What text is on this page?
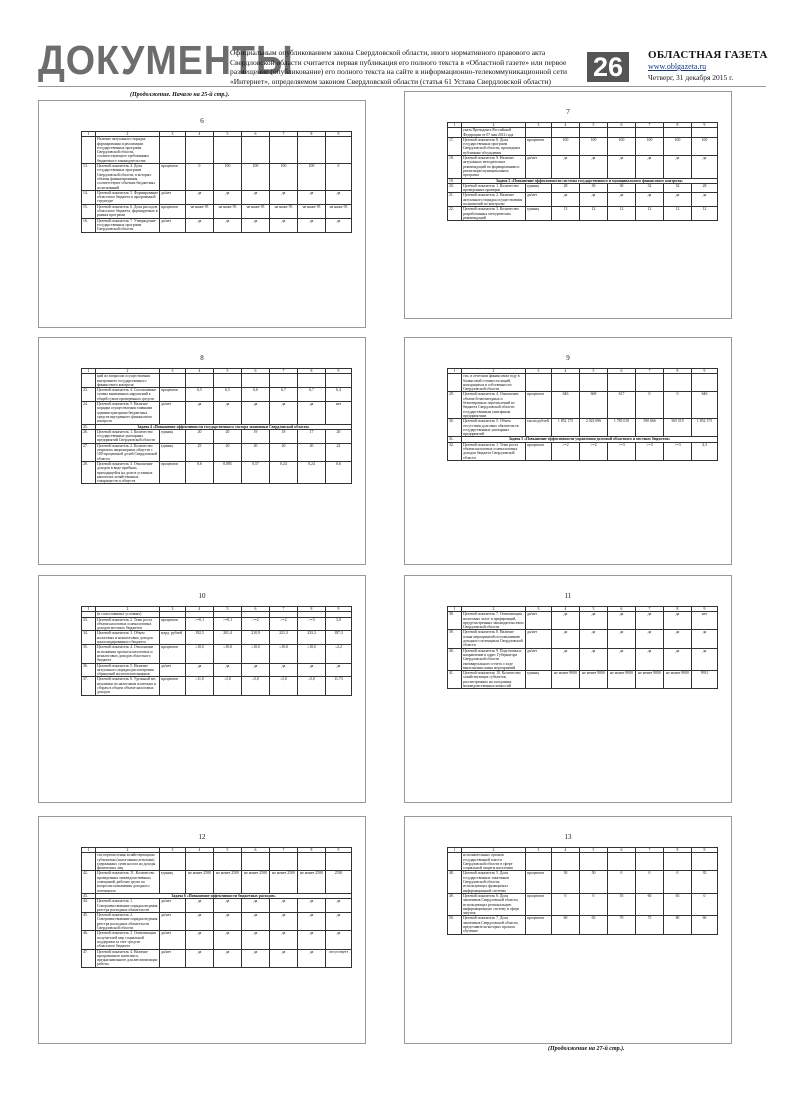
ДОКУМЕНТЫ
Официальным опубликованием закона Свердловской области, иного нормативного правового акта Свердловской области считается первая публикация его полного текста в «Областной газете» или первое размещение (опубликование) его полного текста на сайте в информационно-телекоммуникационной сети «Интернет», определяемом законом Свердловской области (статья 61 Устава Свердловской области)	26	ОБЛАСТНАЯ ГАЗЕТА
www.oblgazeta.ru
Четверг, 31 декабря 2015 г.
(Продолжение. Начало на 25-й стр.).
6
1	2	3	4	5	6	7	8	9
	Наличие актуального порядка формирования и реализации государственных программ Свердловской области, соответствующего требованиям бюджетного законодательства							
13.	Целевой показатель 4. Доля государственных программ Свердловской области, в которых объемы финансирования соответствуют объемам бюджетных ассигнований	процентов	0	100	100	100	100	0
14.	Целевой показатель 5. Формирование областного бюджета в программной структуре	да/нет	да	да	да	да	да	да
15.	Целевой показатель 6. Доля расходов областного бюджета, формируемых в рамках программ	процентов	не ниже 95	не ниже 95	не ниже 95	не ниже 95	не ниже 95	не ниже 95
16.	Целевой показатель 7. Утверждение государственных программ Свердловской области	да/нет	да	да	да	да	да	да
7
1	2	3	4	5	6	7	8	9
	указа Президента Российской Федерации от 07 мая 2012 года							
17.	Целевой показатель 8. Доля государственных программ Свердловской области, прошедших публичные обсуждения	процентов	100	100	100	100	100	100
18.	Целевой показатель 9. Наличие актуальных методических рекомендаций по формированию и реализации муниципальных программ	да/нет	да	да	да	да	да	да
19.	Задача 2 «Повышение эффективности системы государственного и муниципального финансового контроля»							
20.	Целевой показатель 1. Количество проведенных проверок	единиц	28	30	30	32	32	28
21.	Целевой показатель 2. Наличие актуального порядка осуществления полномочий по контролю	да/нет	да	да	да	да	да	да
22.	Целевой показатель 3. Количество разработанных методических рекомендаций	единиц	13	12	12	12	12	12
8
1	2	3	4	5	6	7	8	9
	ций по вопросам осуществления внутреннего государственного финансового контроля							
23.	Целевой показатель 4. Соотношение суммы выявленных нарушений к общей сумме проверенных средств	процентов	6,5	6,5	6,6	6,7	6,7	6,4
24.	Целевой показатель 5. Наличие порядка осуществления главными администраторами бюджетных средств внутреннего финансового контроля	да/нет	да	да	да	да	да	нет
25.	Задача 4 «Повышение эффективности государственного сектора экономики Свердловской области»							
26.	Целевой показатель 1. Количество государственных унитарных предприятий Свердловской области	единиц	20	20	19	18	17	20
27.	Целевой показатель 2. Количество открытых акционерных обществ с 100-процентной долей Свердловской области	единиц	25	20	20	20	20	22
28.	Целевой показатель 3. Отношение доходов в виде прибыли, приходящейся на доли в уставных капиталах хозяйственных товариществ и обществ	процентов	0,6	0,085	0,57	0,24	0,24	0,6
9
1	2	3	4	5	6	7	8	9
	сти, в отчетном финансовом году в балансовой стоимости акций, находящихся в собственности Свердловской области							
29.	Целевой показатель 4. Отношение объема безвозмездных и безвозвратных перечислений из бюджета Свердловской области государственным унитарным предприятиям	процентов	646	668	617	0	0	646
30.	Целевой показатель 5. Объем отсутствия долговых обязательств государственных унитарных предприятий	тысяч рублей	1 852 175	2 022 696	1 785 010	590 666	565 519	1 852 175
31.	Задача 5 «Повышение эффективности управления долговой областного и местных бюджетов»							
32.	Целевой показатель 1. Темп роста объема налоговых и неналоговых доходов бюджета Свердловской области	процентов	>=2	>=2	>=3	>=3	>=3	4,3
10
1	2	3	4	5	6	7	8	9
	(в сопоставимых условиях)							
33.	Целевой показатель 2. Темп роста объема налоговых и неналоговых доходов местных бюджетов	процентов	>=0,1	>=0,1	>=2	>=2	>=3	3,8
34.	Целевой показатель 3. Объем налоговых и неналоговых доходов консолидированного бюджета	млрд. рублей	192,5	201,4	210,9	221,3	233,3	187,3
35.	Целевой показатель 4. Отклонение исполнения прогноза налоговых и неналоговых доходов областного бюджета	процентов	≤10,0	≤10,0	≤10,0	≤10,0	≤10,0	≤2,2
36.	Целевой показатель 5. Наличие актуального порядка рассмотрения обращений налогоплательщиков	да/нет	да	да	да	да	да	да
37.	Целевой показатель 6. Удельный вес недоимки по налоговым платежам и сборам в общем объеме налоговых доходов	процентов	≤11,0	≤5,0	≤5,0	≤5,0	≤5,0	11,73
11
1	2	3	4	5	6	7	8	9
38.	Целевой показатель 7. Оптимизация налоговых льгот и преференций, предусмотренных законодательством Свердловской области	да/нет	да	да	да	да	да	нет
39.	Целевой показатель 8. Наличие плана мероприятий по повышению доходного потенциала Свердловской области	да/нет	да	да	да	да	да	да
40.	Целевой показатель 9. Подготовка и направление в адрес Губернатора Свердловской области ежеквартального отчета о ходе выполнения плана мероприятий	да/нет	да	да	да	да	да	да
41.	Целевой показатель 10. Количество хозяйствующих субъектов, рассмотренных на заседаниях межведомственных комиссий	единиц	не менее 9000	не менее 9000	не менее 9000	не менее 9000	не менее 9000	9931
12
1	2	3	4	5	6	7	8	9
	сти перечисления хозяйствующими субъектами (налоговыми агентами) удержанных сумм налога на доходы физических лиц							
42.	Целевой показатель 11. Количество проведенных межведомственных совещаний, рабочих групп по вопросам повышения доходного потенциала	единиц	не менее 2500	не менее 2500	не менее 2500	не менее 2500	не менее 2500	2530
43.	Задача 6 «Повышение эффективности бюджетных расходов»							
44.	Целевой показатель 1. Совершенствование порядка ведения реестра расходных обязательств	да/нет	да	да	да	да	да	да
45.	Целевой показатель 2. Совершенствование порядка ведения реестра расходных обязательств Свердловской области	да/нет	да	да	да	да	да	да
46.	Целевой показатель 3. Оптимизация получателей мер социальной поддержки за счет средств областного бюджета	да/нет	да	да	да	да	да	да
47.	Целевой показатель 4. Наличие программного комплекса, предназначенного для автоматизации работы	да/нет	да	да	да	да	да	отсутствует
13
1	2	3	4	5	6	7	8	9
	исполнительных органов государственной власти Свердловской области в сфере социальной защиты населения							
48.	Целевой показатель 5. Доля государственных заказчиков Свердловской области, использующих функционал информационной системы	процентов	30	50	0	0	0	35
49.	Целевой показатель 6. Доля заказчиков Свердловской области, использующих региональную информационную систему в сфере закупок	процентов	0	0	55	60	65	0
50.	Целевой показатель 7. Доля заказчиков Свердловской области, представители которых прошли обучение	процентов	60	65	70	75	80	60
(Продолжение на 27-й стр.).
